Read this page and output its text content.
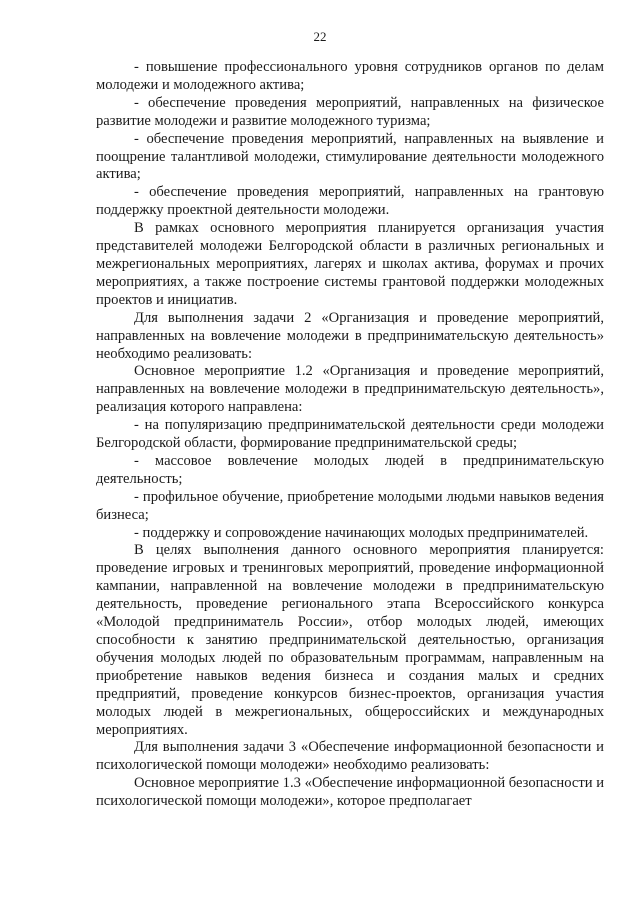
22

- повышение профессионального уровня сотрудников органов по делам молодежи и молодежного актива;

- обеспечение проведения мероприятий, направленных на физическое развитие молодежи и развитие молодежного туризма;

- обеспечение проведения мероприятий, направленных на выявление и поощрение талантливой молодежи, стимулирование деятельности молодежного актива;

- обеспечение проведения мероприятий, направленных на грантовую поддержку проектной деятельности молодежи.

В рамках основного мероприятия планируется организация участия представителей молодежи Белгородской области в различных региональных и межрегиональных мероприятиях, лагерях и школах актива, форумах и прочих мероприятиях, а также построение системы грантовой поддержки молодежных проектов и инициатив.

Для выполнения задачи 2 «Организация и проведение мероприятий, направленных на вовлечение молодежи в предпринимательскую деятельность» необходимо реализовать:

Основное мероприятие 1.2 «Организация и проведение мероприятий, направленных на вовлечение молодежи в предпринимательскую деятельность», реализация которого направлена:

- на популяризацию предпринимательской деятельности среди молодежи Белгородской области, формирование предпринимательской среды;

- массовое вовлечение молодых людей в предпринимательскую деятельность;

- профильное обучение, приобретение молодыми людьми навыков ведения бизнеса;

- поддержку и сопровождение начинающих молодых предпринимателей.

В целях выполнения данного основного мероприятия планируется: проведение игровых и тренинговых мероприятий, проведение информационной кампании, направленной на вовлечение молодежи в предпринимательскую деятельность, проведение регионального этапа Всероссийского конкурса «Молодой предприниматель России», отбор молодых людей, имеющих способности к занятию предпринимательской деятельностью, организация обучения молодых людей по образовательным программам, направленным на приобретение навыков ведения бизнеса и создания малых и средних предприятий, проведение конкурсов бизнес-проектов, организация участия молодых людей в межрегиональных, общероссийских и международных мероприятиях.

Для выполнения задачи 3 «Обеспечение информационной безопасности и психологической помощи молодежи» необходимо реализовать:

Основное мероприятие 1.3 «Обеспечение информационной безопасности и психологической помощи молодежи», которое предполагает
